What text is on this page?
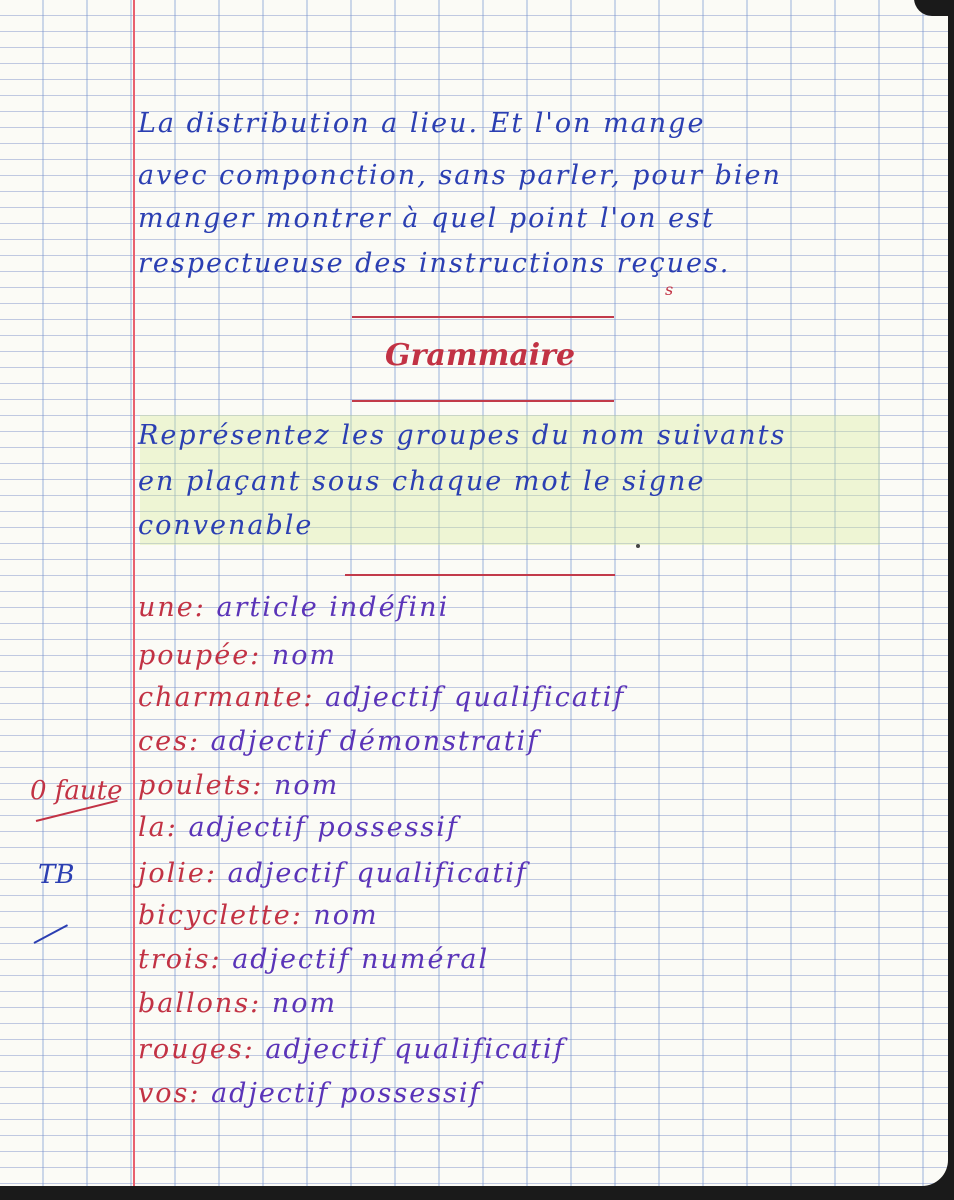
La distribution a lieu. Et l'on mange

avec componction, sans parler, pour bien

manger montrer à quel point l'on est

respectueuse des instructions reçues.

s
Grammaire

Représentez les groupes du nom suivants

en plaçant sous chaque mot le signe

convenable

une: article indéfini

poupée: nom

charmante: adjectif qualificatif

ces: adjectif démonstratif

poulets: nom

la: adjectif possessif

jolie: adjectif qualificatif

bicyclette: nom

trois: adjectif numéral

ballons: nom

rouges: adjectif qualificatif

vos: adjectif possessif

0 faute

TB
